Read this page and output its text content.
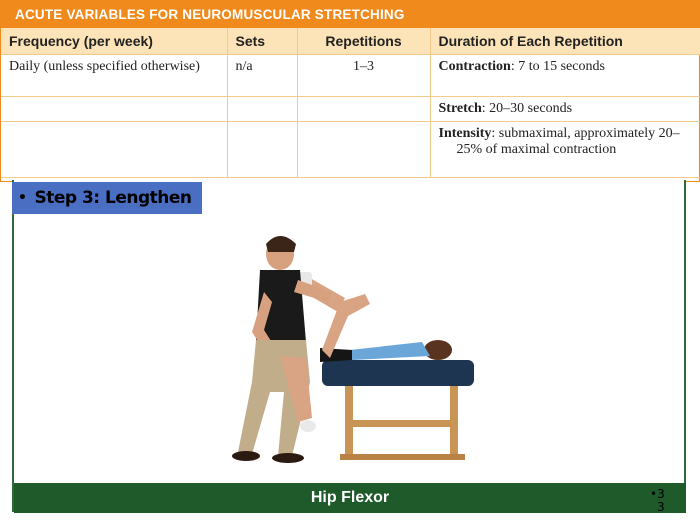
ACUTE VARIABLES FOR NEUROMUSCULAR STRETCHING
Frequency (per week)	Sets	Repetitions	Duration of Each Repetition
Daily (unless specified otherwise)	n/a	1–3	Contraction: 7 to 15 seconds
			Stretch: 20–30 seconds
			Intensity: submaximal, approximately 20–25% of maximal contraction
• Step 3: Lengthen
Hip Flexor	•3
3
